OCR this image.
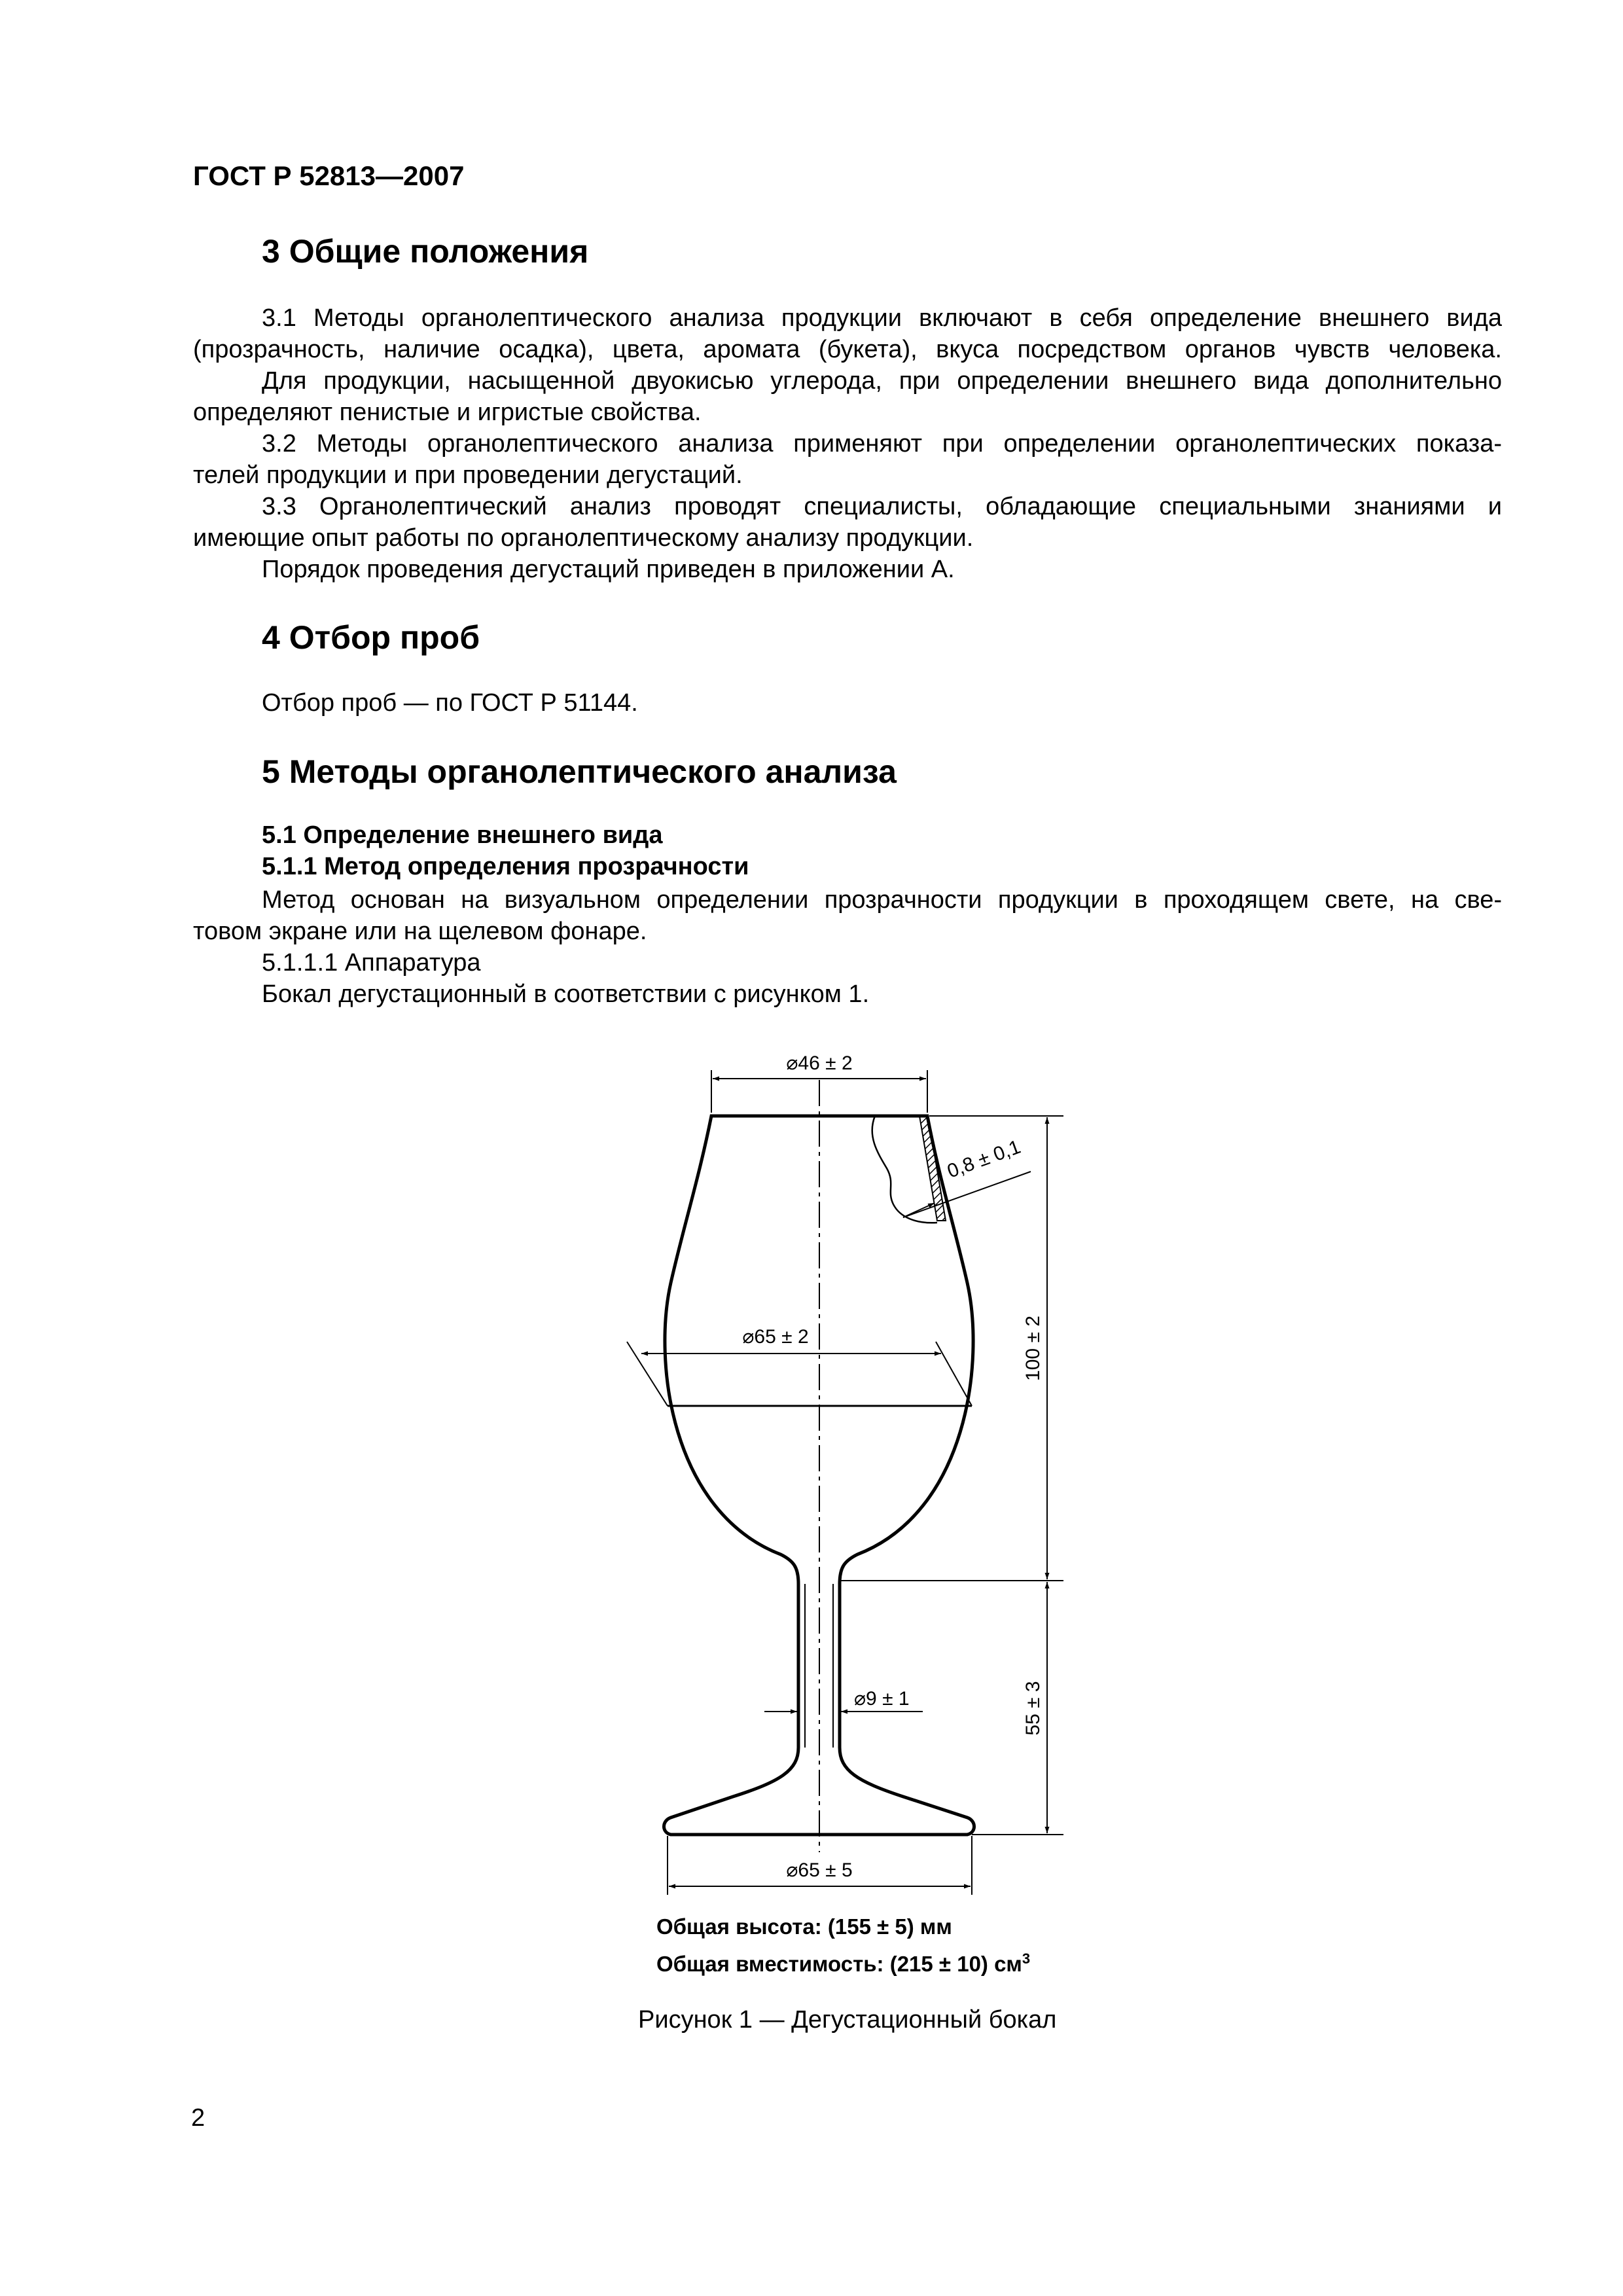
ГОСТ Р 52813—2007
3 Общие положения
3.1 Методы органолептического анализа продукции включают в себя определение внешнего вида
(прозрачность, наличие осадка), цвета, аромата (букета), вкуса посредством органов чувств человека.
Для продукции, насыщенной двуокисью углерода, при определении внешнего вида дополнительно
определяют пенистые и игристые свойства.
3.2 Методы органолептического анализа применяют при определении органолептических показа-
телей продукции и при проведении дегустаций.
3.3 Органолептический анализ проводят специалисты, обладающие специальными знаниями и
имеющие опыт работы по органолептическому анализу продукции.
Порядок проведения дегустаций приведен в приложении А.
4 Отбор проб
Отбор проб — по ГОСТ Р 51144.
5 Методы органолептического анализа
5.1 Определение внешнего вида
5.1.1 Метод определения прозрачности
Метод основан на визуальном определении прозрачности продукции в проходящем свете, на све-
товом экране или на щелевом фонаре.
5.1.1.1 Аппаратура
Бокал дегустационный в соответствии с рисунком 1.
⌀46 ± 2
0,8 ± 0,1
⌀65 ± 2	100 ± 2
55 ± 3
⌀9 ± 1
⌀65 ± 5
Общая высота: (155 ± 5) мм
Общая вместимость: (215 ± 10) $см^3$
Рисунок 1 — Дегустационный бокал
2
